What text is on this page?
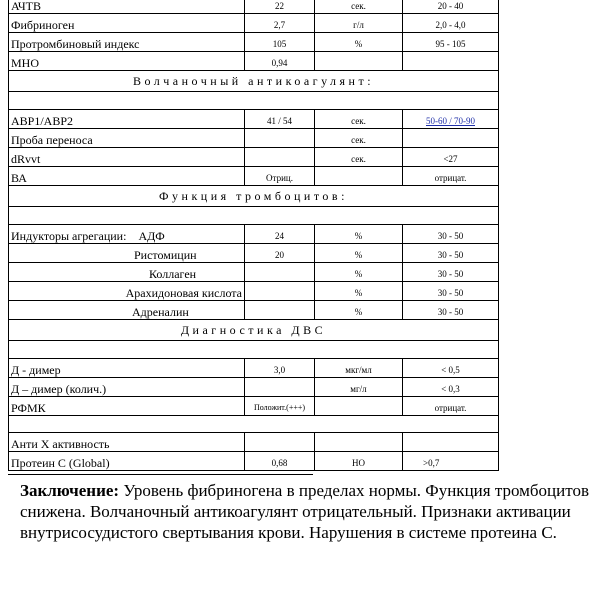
АЧТВ	22	сек.	20 - 40
Фибриноген	2,7	г/л	2,0 - 4,0
Протромбиновый индекс	105	%	95 - 105
МНО	0,94		
Волчаночный антикоагулянт:			

АВР1/АВР2	41 / 54	сек.	50-60 / 70-90
Проба переноса		сек.	
dRvvt		сек.	<27
ВА	Отриц.		отрицат.
Функция тромбоцитов:			

Индукторы агрегации: АДФ	24	%	30 - 50
Ристомицин	20	%	30 - 50
Коллаген		%	30 - 50
Арахидоновая кислота		%	30 - 50
Адреналин		%	30 - 50
Диагностика ДВС			

Д - димер	3,0	мкг/мл	< 0,5
Д – димер (колич.)		мг/л	< 0,3
РФМК	Положит.(+++)		отрицат.

Анти Х активность			
Протеин С (Global)	0,68	НО	>0,7
Заключение: Уровень фибриногена в пределах нормы. Функция тромбоцитов снижена. Волчаночный антикоагулянт отрицательный. Признаки активации внутрисосудистого свертывания крови. Нарушения в системе протеина С.
